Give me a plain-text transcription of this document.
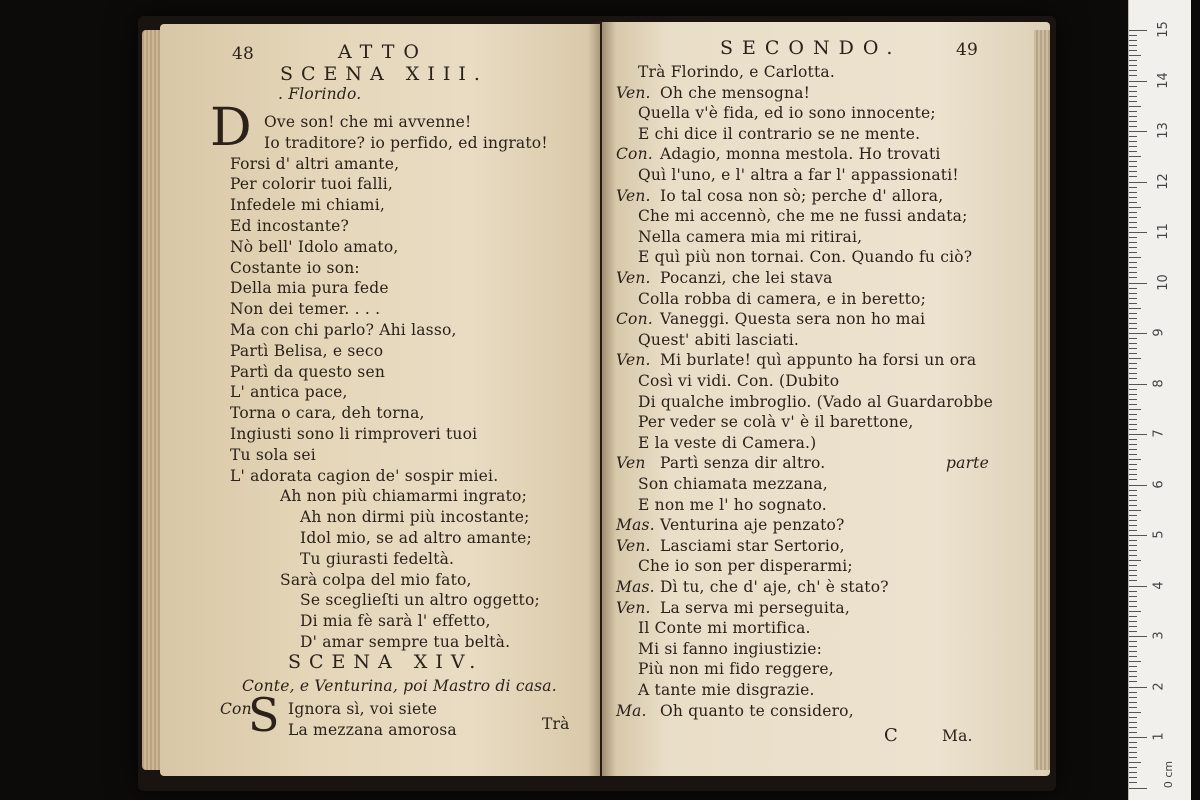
48	ATTO
SCENA XIII.
. Florindo.
D Ove son! che mi avvenne!
Io traditore? io perfido, ed ingrato!
Forsi d' altri amante,
Per colorir tuoi falli,
Infedele mi chiami,
Ed incostante?
Nò bell' Idolo amato,
Costante io son:
Della mia pura fede
Non dei temer. . . .
Ma con chi parlo? Ahi lasso,
Partì Belisa, e seco
Partì da questo sen
L' antica pace,
Torna o cara, deh torna,
Ingiusti sono li rimproveri tuoi
Tu sola sei
L' adorata cagion de' sospir miei.
Ah non più chiamarmi ingrato;
Ah non dirmi più incostante;
Idol mio, se ad altro amante;
Tu giurasti fedeltà.
Sarà colpa del mio fato,
Se sceglieſti un altro oggetto;
Di mia fè sarà l' effetto,
D' amar sempre tua beltà.
SCENA XIV.
Conte, e Venturina, poi Mastro di casa.
Con
S Ignora sì, voi siete
La mezzana amorosa	Trà
SECONDO.	49
Trà Florindo, e Carlotta.
Ven. Oh che mensogna!
Quella v'è fida, ed io sono innocente;
E chi dice il contrario se ne mente.
Con. Adagio, monna mestola. Ho trovati
Quì l'uno, e l' altra a far l' appassionati!
Ven. Io tal cosa non sò; perche d' allora,
Che mi accennò, che me ne fussi andata;
Nella camera mia mi ritirai,
E quì più non tornai. Con. Quando fu ciò?
Ven. Pocanzi, che lei stava
Colla robba di camera, e in beretto;
Con. Vaneggi. Questa sera non ho mai
Quest' abiti lasciati.
Ven. Mi burlate! quì appunto ha forsi un ora
Così vi vidi. Con. (Dubito
Di qualche imbroglio. (Vado al Guardarobbe
Per veder se colà v' è il barettone,
E la veste di Camera.)
Ven Partì senza dir altro.
Son chiamata mezzana,
E non me l' ho sognato.
Mas. Venturina aje penzato?
Ven. Lasciami star Sertorio,
Che io son per disperarmi;
Mas. Dì tu, che d' aje, ch' è stato?
Ven. La serva mi perseguita,
Il Conte mi mortifica.
Mi si fanno ingiustizie:
Più non mi fido reggere,
A tante mie disgrazie.
Ma. Oh quanto te considero,
parte
C	Ma.
0 cm
15
14
13
12
11
10
9
8
7
6
5
4
3
2
1
